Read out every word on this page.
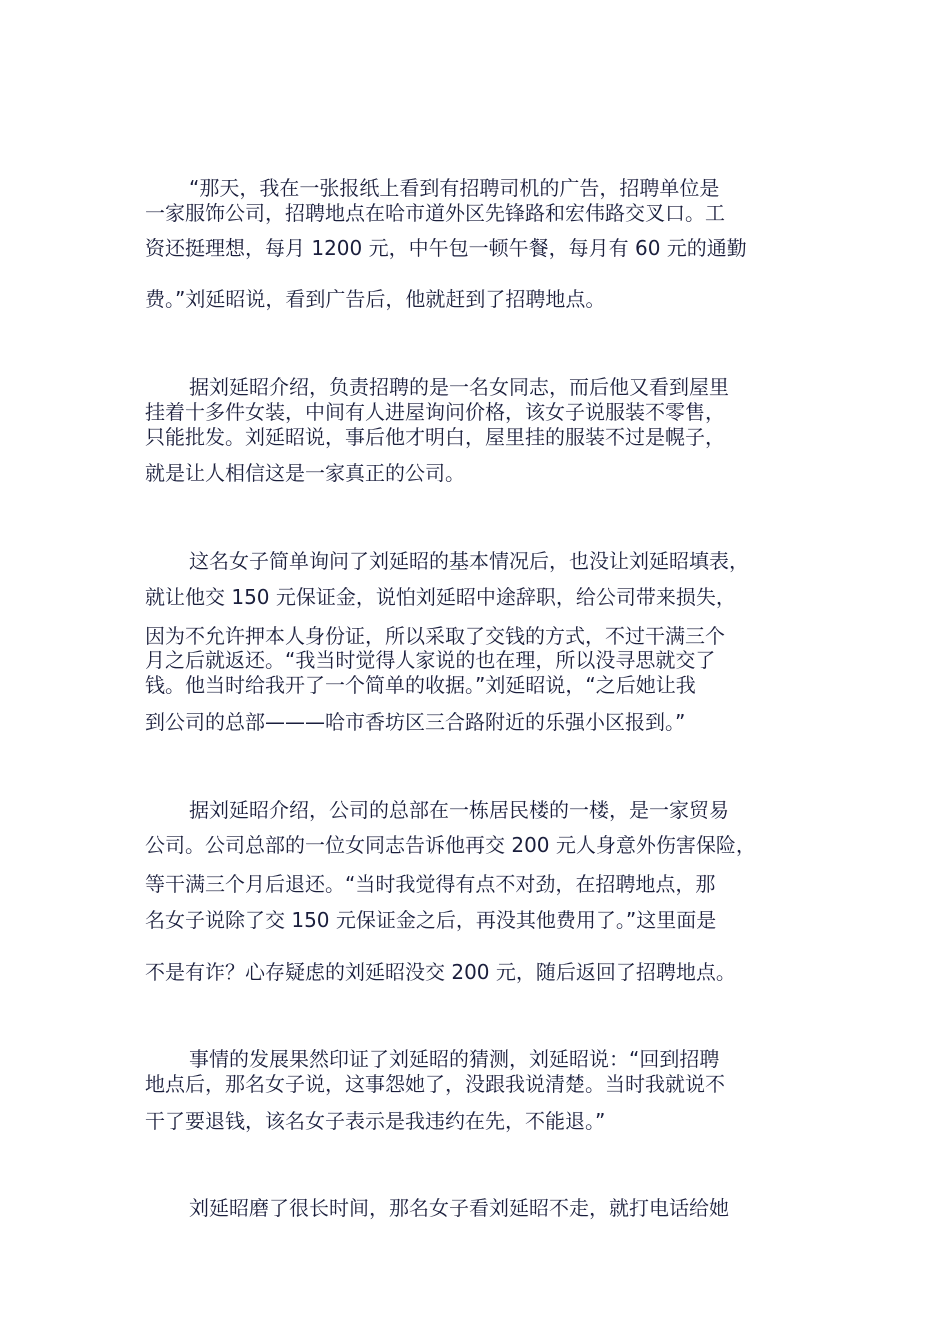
“那天，我在一张报纸上看到有招聘司机的广告，招聘单位是
一家服饰公司，招聘地点在哈市道外区先锋路和宏伟路交叉口。工
资还挺理想，每月 1200 元，中午包一顿午餐，每月有 60 元的通勤
费。”刘延昭说，看到广告后，他就赶到了招聘地点。
据刘延昭介绍，负责招聘的是一名女同志，而后他又看到屋里
挂着十多件女装，中间有人进屋询问价格，该女子说服装不零售，
只能批发。刘延昭说，事后他才明白，屋里挂的服装不过是幌子，
就是让人相信这是一家真正的公司。
这名女子简单询问了刘延昭的基本情况后，也没让刘延昭填表，
就让他交 150 元保证金，说怕刘延昭中途辞职，给公司带来损失，
因为不允许押本人身份证，所以采取了交钱的方式，不过干满三个
月之后就返还。“我当时觉得人家说的也在理，所以没寻思就交了
钱。他当时给我开了一个简单的收据。”刘延昭说，“之后她让我
到公司的总部———哈市香坊区三合路附近的乐强小区报到。”
据刘延昭介绍，公司的总部在一栋居民楼的一楼，是一家贸易
公司。公司总部的一位女同志告诉他再交 200 元人身意外伤害保险，
等干满三个月后退还。“当时我觉得有点不对劲，在招聘地点，那
名女子说除了交 150 元保证金之后，再没其他费用了。”这里面是
不是有诈？心存疑虑的刘延昭没交 200 元，随后返回了招聘地点。
事情的发展果然印证了刘延昭的猜测，刘延昭说：“回到招聘
地点后，那名女子说，这事怨她了，没跟我说清楚。当时我就说不
干了要退钱，该名女子表示是我违约在先，不能退。”
刘延昭磨了很长时间，那名女子看刘延昭不走，就打电话给她
